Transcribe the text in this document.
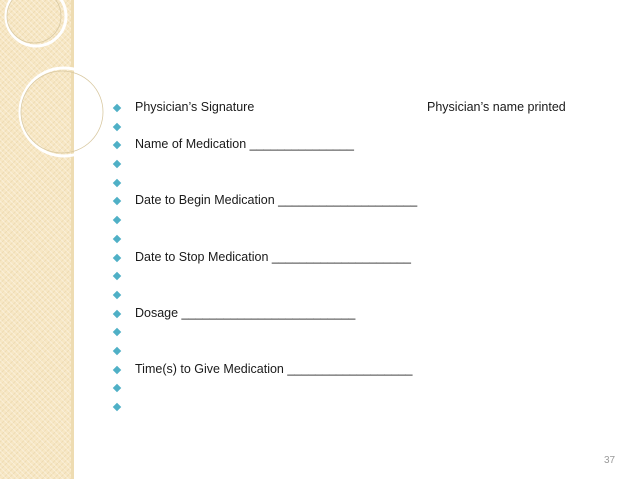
Physician’s Signature	Physician’s name printed
Name of Medication _______________
Date to Begin Medication ____________________
Date to Stop Medication ____________________
Dosage _________________________
Time(s) to Give Medication __________________
37
